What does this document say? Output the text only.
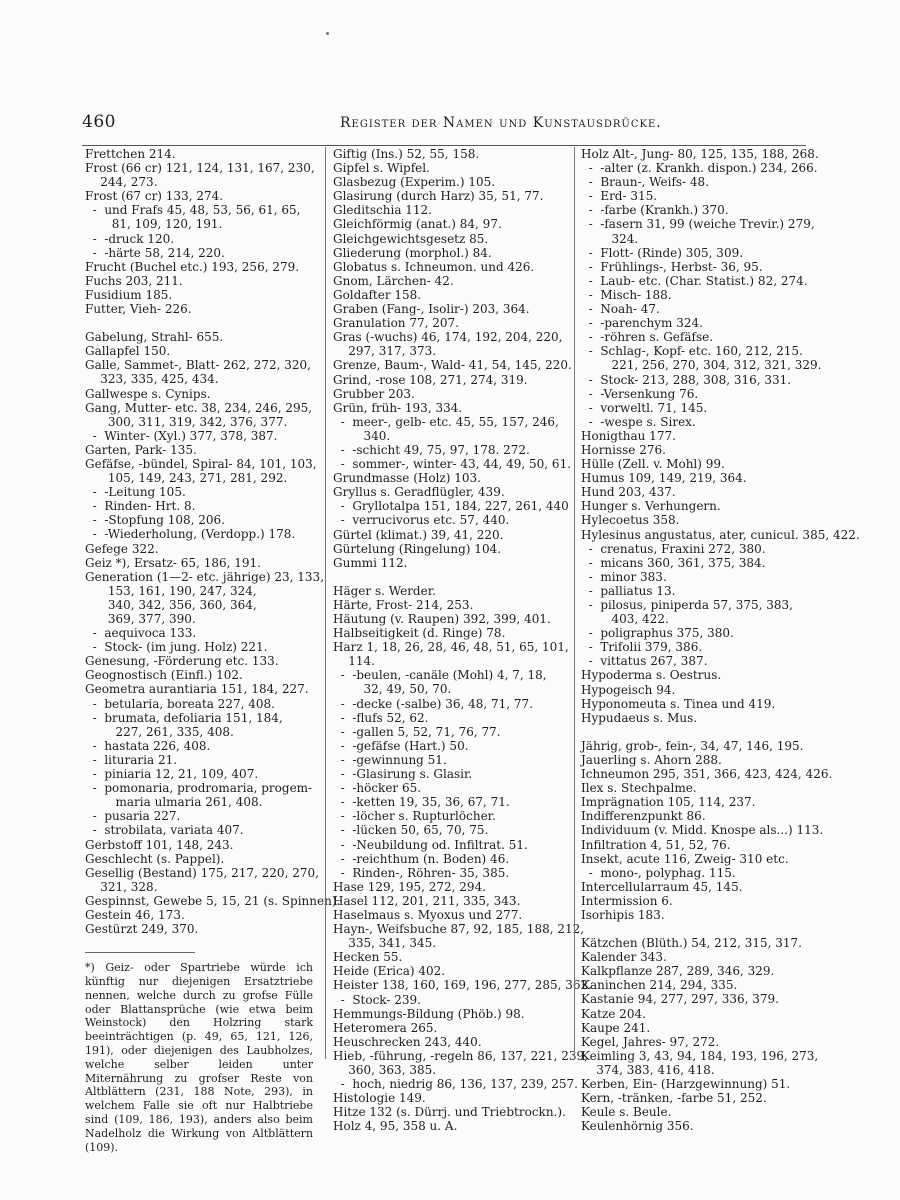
460	Register der Namen und Kunstausdrücke.
Frettchen 214.
Frost (66 cr) 121, 124, 131, 167, 230,
244, 273.
Frost (67 cr) 133, 274.
-  und Frafs 45, 48, 53, 56, 61, 65,
81, 109, 120, 191.
-  -druck 120.
-  -härte 58, 214, 220.
Frucht (Buchel etc.) 193, 256, 279.
Fuchs 203, 211.
Fusidium 185.
Futter, Vieh- 226.
Gabelung, Strahl- 655.
Gallapfel 150.
Galle, Sammet-, Blatt- 262, 272, 320,
323, 335, 425, 434.
Gallwespe s. Cynips.
Gang, Mutter- etc. 38, 234, 246, 295,
300, 311, 319, 342, 376, 377.
-  Winter- (Xyl.) 377, 378, 387.
Garten, Park- 135.
Gefäfse, -bündel, Spiral- 84, 101, 103,
105, 149, 243, 271, 281, 292.
-  -Leitung 105.
-  Rinden- Hrt. 8.
-  -Stopfung 108, 206.
-  -Wiederholung, (Verdopp.) 178.
Gefege 322.
Geiz *), Ersatz- 65, 186, 191.
Generation (1—2- etc. jährige) 23, 133,
153, 161, 190, 247, 324,
340, 342, 356, 360, 364,
369, 377, 390.
-  aequivoca 133.
-  Stock- (im jung. Holz) 221.
Genesung, -Förderung etc. 133.
Geognostisch (Einfl.) 102.
Geometra aurantiaria 151, 184, 227.
-  betularia, boreata 227, 408.
-  brumata, defoliaria 151, 184,
227, 261, 335, 408.
-  hastata 226, 408.
-  lituraria 21.
-  piniaria 12, 21, 109, 407.
-  pomonaria, prodromaria, progem-
maria ulmaria 261, 408.
-  pusaria 227.
-  strobilata, variata 407.
Gerbstoff 101, 148, 243.
Geschlecht (s. Pappel).
Gesellig (Bestand) 175, 217, 220, 270,
321, 328.
Gespinnst, Gewebe 5, 15, 21 (s. Spinnen).
Gestein 46, 173.
Gestürzt 249, 370.

*) Geiz- oder Spartriebe würde ich künftig nur diejenigen Ersatztriebe nennen, welche durch zu grofse Fülle oder Blattansprüche (wie etwa beim Weinstock) den Holzring stark beeinträchtigen (p. 49, 65, 121, 126, 191), oder diejenigen des Laubholzes, welche selber leiden unter Miternährung zu grofser Reste von Altblättern (231, 188 Note, 293), in welchem Falle sie oft nur Halbtriebe sind (109, 186, 193), anders also beim Nadelholz die Wirkung von Altblättern (109).

Giftig (Ins.) 52, 55, 158.
Gipfel s. Wipfel.
Glasbezug (Experim.) 105.
Glasirung (durch Harz) 35, 51, 77.
Gleditschia 112.
Gleichförmig (anat.) 84, 97.
Gleichgewichtsgesetz 85.
Gliederung (morphol.) 84.
Globatus s. Ichneumon. und 426.
Gnom, Lärchen- 42.
Goldafter 158.
Graben (Fang-, Isolir-) 203, 364.
Granulation 77, 207.
Gras (-wuchs) 46, 174, 192, 204, 220,
297, 317, 373.
Grenze, Baum-, Wald- 41, 54, 145, 220.
Grind, -rose 108, 271, 274, 319.
Grubber 203.
Grün, früh- 193, 334.
-  meer-, gelb- etc. 45, 55, 157, 246,
340.
-  -schicht 49, 75, 97, 178. 272.
-  sommer-, winter- 43, 44, 49, 50, 61.
Grundmasse (Holz) 103.
Gryllus s. Geradflügler, 439.
-  Gryllotalpa 151, 184, 227, 261, 440
-  verrucivorus etc. 57, 440.
Gürtel (klimat.) 39, 41, 220.
Gürtelung (Ringelung) 104.
Gummi 112.
Häger s. Werder.
Härte, Frost- 214, 253.
Häutung (v. Raupen) 392, 399, 401.
Halbseitigkeit (d. Ringe) 78.
Harz 1, 18, 26, 28, 46, 48, 51, 65, 101,
114.
-  -beulen, -canäle (Mohl) 4, 7, 18,
32, 49, 50, 70.
-  -decke (-salbe) 36, 48, 71, 77.
-  -flufs 52, 62.
-  -gallen 5, 52, 71, 76, 77.
-  -gefäfse (Hart.) 50.
-  -gewinnung 51.
-  -Glasirung s. Glasir.
-  -höcker 65.
-  -ketten 19, 35, 36, 67, 71.
-  -löcher s. Rupturlöcher.
-  -lücken 50, 65, 70, 75.
-  -Neubildung od. Infiltrat. 51.
-  -reichthum (n. Boden) 46.
-  Rinden-, Röhren- 35, 385.
Hase 129, 195, 272, 294.
Hasel 112, 201, 211, 335, 343.
Haselmaus s. Myoxus und 277.
Hayn-, Weifsbuche 87, 92, 185, 188, 212,
335, 341, 345.
Hecken 55.
Heide (Erica) 402.
Heister 138, 160, 169, 196, 277, 285, 362.
-  Stock- 239.
Hemmungs-Bildung (Phöb.) 98.
Heteromera 265.
Heuschrecken 243, 440.
Hieb, -führung, -regeln 86, 137, 221, 239,
360, 363, 385.
-  hoch, niedrig 86, 136, 137, 239, 257.
Histologie 149.
Hitze 132 (s. Dürrj. und Triebtrockn.).
Holz 4, 95, 358 u. A.
Holz Alt-, Jung- 80, 125, 135, 188, 268.
-  -alter (z. Krankh. dispon.) 234, 266.
-  Braun-, Weifs- 48.
-  Erd- 315.
-  -farbe (Krankh.) 370.
-  -fasern 31, 99 (weiche Trevir.) 279,
324.
-  Flott- (Rinde) 305, 309.
-  Frühlings-, Herbst- 36, 95.
-  Laub- etc. (Char. Statist.) 82, 274.
-  Misch- 188.
-  Noah- 47.
-  -parenchym 324.
-  -röhren s. Gefäfse.
-  Schlag-, Kopf- etc. 160, 212, 215.
221, 256, 270, 304, 312, 321, 329.
-  Stock- 213, 288, 308, 316, 331.
-  -Versenkung 76.
-  vorweltl. 71, 145.
-  -wespe s. Sirex.
Honigthau 177.
Hornisse 276.
Hülle (Zell. v. Mohl) 99.
Humus 109, 149, 219, 364.
Hund 203, 437.
Hunger s. Verhungern.
Hylecoetus 358.
Hylesinus angustatus, ater, cunicul. 385, 422.
-  crenatus, Fraxini 272, 380.
-  micans 360, 361, 375, 384.
-  minor 383.
-  palliatus 13.
-  pilosus, piniperda 57, 375, 383,
403, 422.
-  poligraphus 375, 380.
-  Trifolii 379, 386.
-  vittatus 267, 387.
Hypoderma s. Oestrus.
Hypogeisch 94.
Hyponomeuta s. Tinea und 419.
Hypudaeus s. Mus.
Jährig, grob-, fein-, 34, 47, 146, 195.
Jauerling s. Ahorn 288.
Ichneumon 295, 351, 366, 423, 424, 426.
Ilex s. Stechpalme.
Imprägnation 105, 114, 237.
Indifferenzpunkt 86.
Individuum (v. Midd. Knospe als...) 113.
Infiltration 4, 51, 52, 76.
Insekt, acute 116, Zweig- 310 etc.
-  mono-, polyphag. 115.
Intercellularraum 45, 145.
Intermission 6.
Isorhipis 183.
Kätzchen (Blüth.) 54, 212, 315, 317.
Kalender 343.
Kalkpflanze 287, 289, 346, 329.
Kaninchen 214, 294, 335.
Kastanie 94, 277, 297, 336, 379.
Katze 204.
Kaupe 241.
Kegel, Jahres- 97, 272.
Keimling 3, 43, 94, 184, 193, 196, 273,
374, 383, 416, 418.
Kerben, Ein- (Harzgewinnung) 51.
Kern, -tränken, -farbe 51, 252.
Keule s. Beule.
Keulenhörnig 356.
